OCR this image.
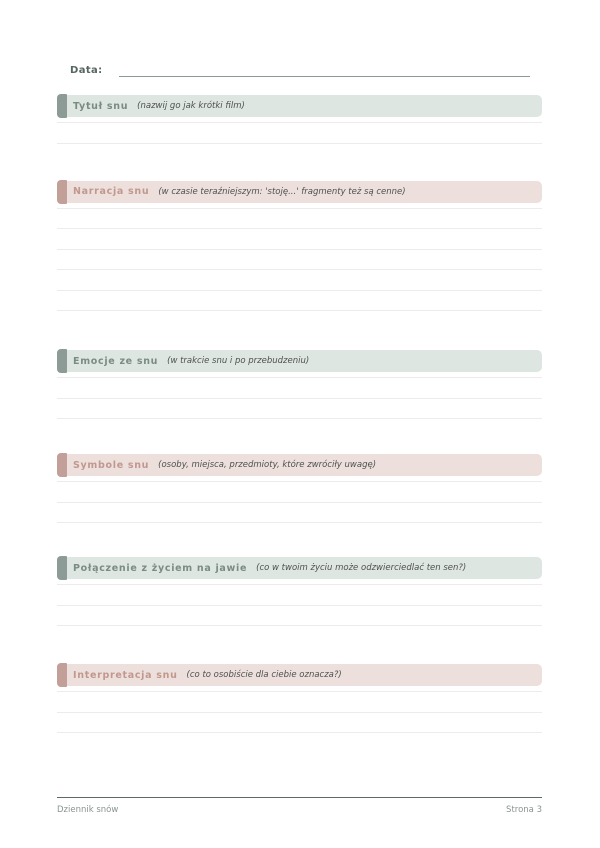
Data:
Tytuł snu (nazwij go jak krótki film)
Narracja snu (w czasie teraźniejszym: 'stoję...' fragmenty też są cenne)
Emocje ze snu (w trakcie snu i po przebudzeniu)
Symbole snu (osoby, miejsca, przedmioty, które zwróciły uwagę)
Połączenie z życiem na jawie (co w twoim życiu może odzwierciedlać ten sen?)
Interpretacja snu (co to osobiście dla ciebie oznacza?)
Dziennik snów	Strona 3
